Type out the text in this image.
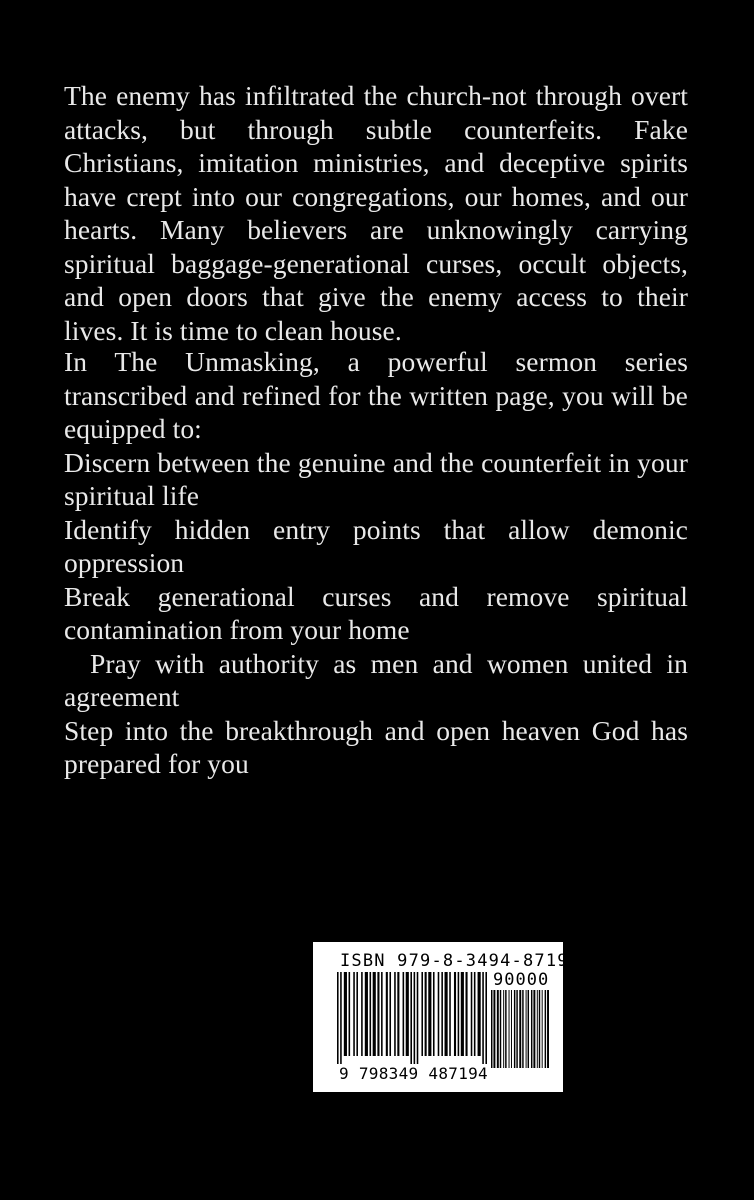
The enemy has infiltrated the church-not through overt attacks, but through subtle counterfeits. Fake Christians, imitation ministries, and deceptive spirits have crept into our congregations, our homes, and our hearts. Many believers are unknowingly carrying spiritual baggage-generational curses, occult objects, and open doors that give the enemy access to their lives. It is time to clean house.

In The Unmasking, a powerful sermon series transcribed and refined for the written page, you will be equipped to:

Discern between the genuine and the counterfeit in your spiritual life

Identify hidden entry points that allow demonic oppression

Break generational curses and remove spiritual contamination from your home

Pray with authority as men and women united in agreement

Step into the breakthrough and open heaven God has prepared for you

ISBN 979-8-3494-8719-4
90000
9 798349 487194
